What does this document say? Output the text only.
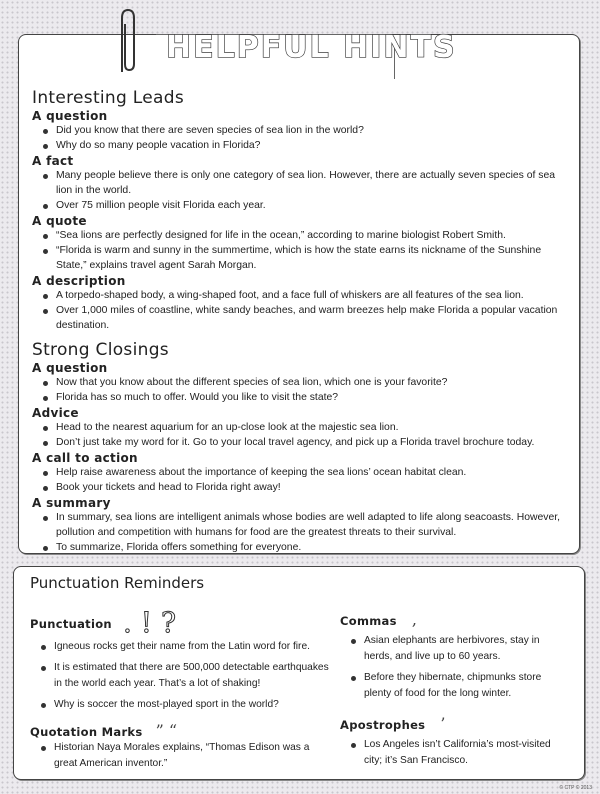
HELPFUL HINTS
Interesting Leads
A question
Did you know that there are seven species of sea lion in the world?
Why do so many people vacation in Florida?
A fact
Many people believe there is only one category of sea lion. However, there are actually seven species of sea lion in the world.
Over 75 million people visit Florida each year.
A quote
“Sea lions are perfectly designed for life in the ocean,” according to marine biologist Robert Smith.
“Florida is warm and sunny in the summertime, which is how the state earns its nickname of the Sunshine State,” explains travel agent Sarah Morgan.
A description
A torpedo-shaped body, a wing-shaped foot, and a face full of whiskers are all features of the sea lion.
Over 1,000 miles of coastline, white sandy beaches, and warm breezes help make Florida a popular vacation destination.
Strong Closings
A question
Now that you know about the different species of sea lion, which one is your favorite?
Florida has so much to offer. Would you like to visit the state?
Advice
Head to the nearest aquarium for an up-close look at the majestic sea lion.
Don’t just take my word for it. Go to your local travel agency, and pick up a Florida travel brochure today.
A call to action
Help raise awareness about the importance of keeping the sea lions’ ocean habitat clean.
Book your tickets and head to Florida right away!
A summary
In summary, sea lions are intelligent animals whose bodies are well adapted to life along seacoasts. However, pollution and competition with humans for food are the greatest threats to their survival.
To summarize, Florida offers something for everyone.
Punctuation Reminders
Punctuation . ! ?
Igneous rocks get their name from the Latin word for fire.
It is estimated that there are 500,000 detectable earthquakes in the world each year. That’s a lot of shaking!
Why is soccer the most-played sport in the world?
Quotation Marks ” “
Historian Naya Morales explains, “Thomas Edison was a great American inventor.”
Commas ,
Asian elephants are herbivores, stay in herds, and live up to 60 years.
Before they hibernate, chipmunks store plenty of food for the long winter.
Apostrophes ’
Los Angeles isn’t California’s most-visited city; it’s San Francisco.
© CTP © 2013
